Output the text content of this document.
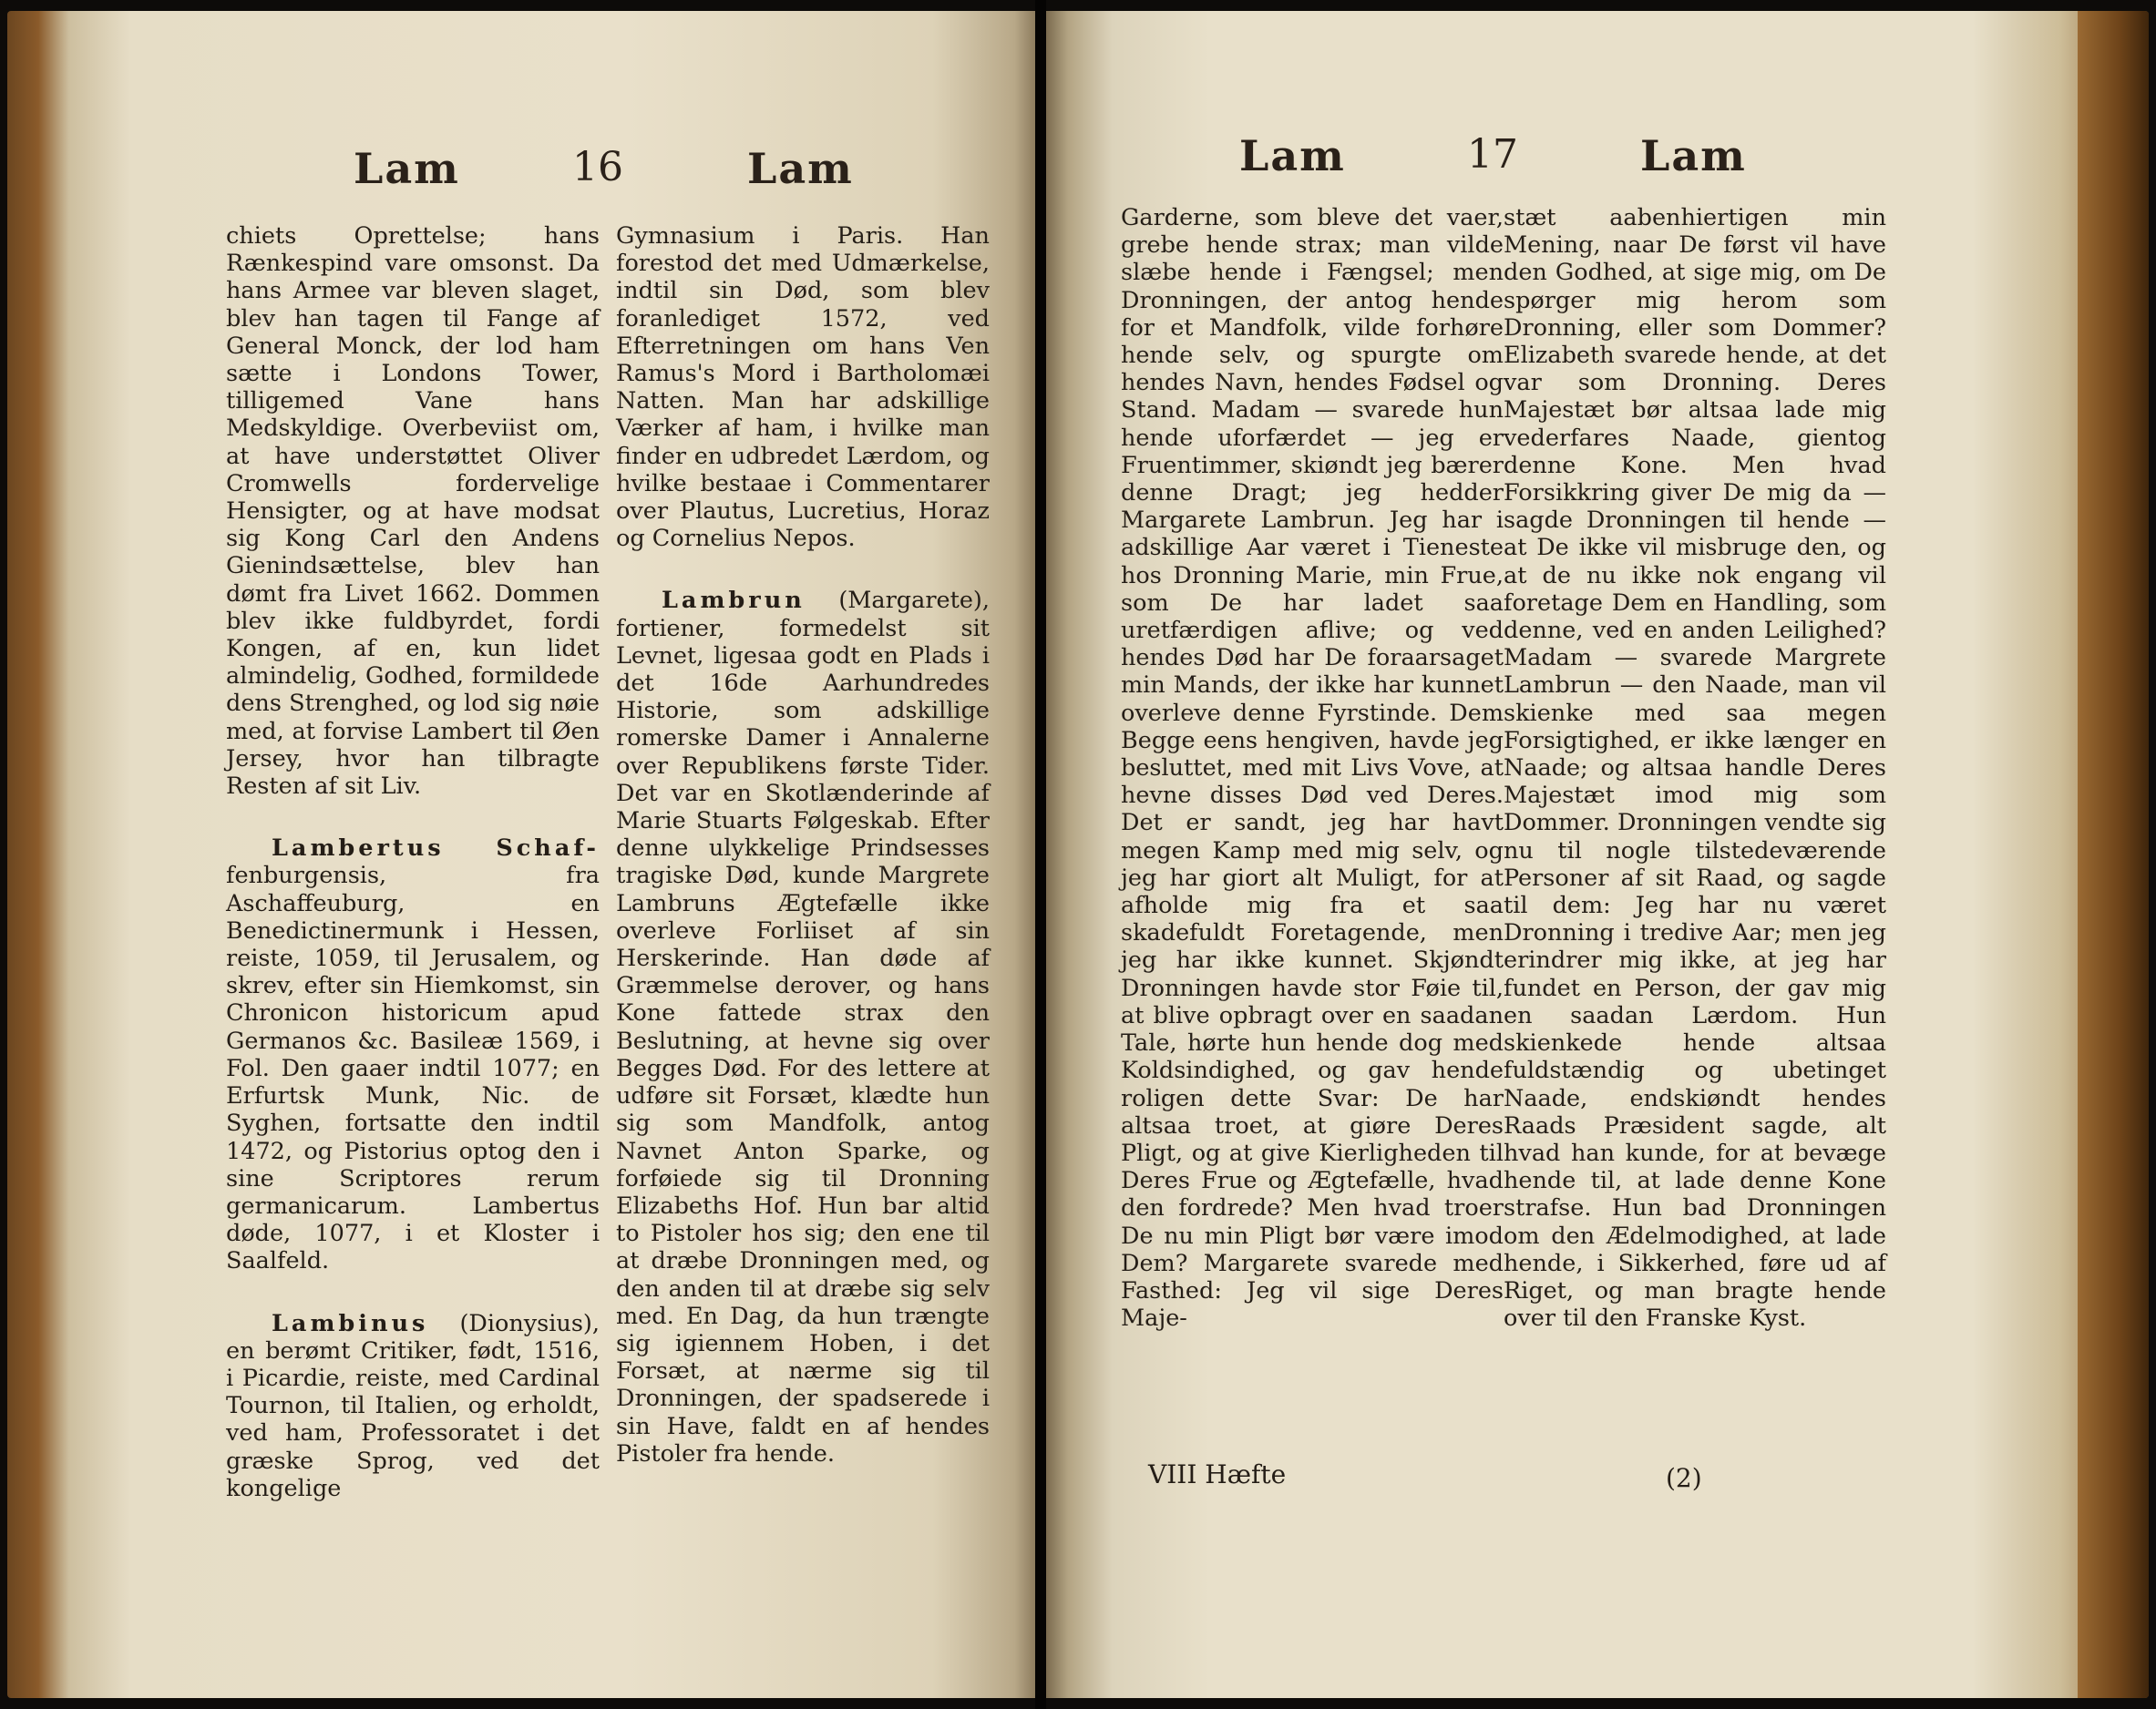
Lam	16	Lam

chiets Oprettelse; hans Rænkespind vare omsonst. Da hans Armee var bleven slaget, blev han tagen til Fange af General Monck, der lod ham sætte i Londons Tower, tilligemed Vane hans Medskyldige. Overbeviist om, at have understøttet Oliver Cromwells fordervelige Hensigter, og at have modsat sig Kong Carl den Andens Gienindsættelse, blev han dømt fra Livet 1662. Dommen blev ikke fuldbyrdet, fordi Kongen, af en, kun lidet almindelig, Godhed, formildede dens Strenghed, og lod sig nøie med, at forvise Lambert til Øen Jersey, hvor han tilbragte Resten af sit Liv.

Lambertus Schaf- fenburgensis, fra Aschaffeuburg, en Benedictinermunk i Hessen, reiste, 1059, til Jerusalem, og skrev, efter sin Hiemkomst, sin Chronicon historicum apud Germanos &c. Basileæ 1569, i Fol. Den gaaer indtil 1077; en Erfurtsk Munk, Nic. de Syghen, fortsatte den indtil 1472, og Pistorius optog den i sine Scriptores rerum germanicarum. Lambertus døde, 1077, i et Kloster i Saalfeld.

Lambinus (Dionysius), en berømt Critiker, født, 1516, i Picardie, reiste, med Cardinal Tournon, til Italien, og erholdt, ved ham, Professoratet i det græske Sprog, ved det kongelige

Gymnasium i Paris. Han forestod det med Udmærkelse, indtil sin Død, som blev foranlediget 1572, ved Efterretningen om hans Ven Ramus's Mord i Bartholomæi Natten. Man har adskillige Værker af ham, i hvilke man finder en udbredet Lærdom, og hvilke bestaae i Commentarer over Plautus, Lucretius, Horaz og Cornelius Nepos.

Lambrun (Margarete), fortiener, formedelst sit Levnet, ligesaa godt en Plads i det 16de Aarhundredes Historie, som adskillige romerske Damer i Annalerne over Republikens første Tider. Det var en Skotlænderinde af Marie Stuarts Følgeskab. Efter denne ulykkelige Prindsesses tragiske Død, kunde Margrete Lambruns Ægtefælle ikke overleve Forliiset af sin Herskerinde. Han døde af Græmmelse derover, og hans Kone fattede strax den Beslutning, at hevne sig over Begges Død. For des lettere at udføre sit Forsæt, klædte hun sig som Mandfolk, antog Navnet Anton Sparke, og forføiede sig til Dronning Elizabeths Hof. Hun bar altid to Pistoler hos sig; den ene til at dræbe Dronningen med, og den anden til at dræbe sig selv med. En Dag, da hun trængte sig igiennem Hoben, i det Forsæt, at nærme sig til Dronningen, der spadserede i sin Have, faldt en af hendes Pistoler fra hende.

Lam	17	Lam

Garderne, som bleve det vaer, grebe hende strax; man vilde slæbe hende i Fængsel; men Dronningen, der antog hende for et Mandfolk, vilde forhøre hende selv, og spurgte om hendes Navn, hendes Fødsel og Stand. Madam — svarede hun hende uforfærdet — jeg er Fruentimmer, skiøndt jeg bærer denne Dragt; jeg hedder Margarete Lambrun. Jeg har i adskillige Aar været i Tieneste hos Dronning Marie, min Frue, som De har ladet saa uretfærdigen aflive; og ved hendes Død har De foraarsaget min Mands, der ikke har kunnet overleve denne Fyrstinde. Dem Begge eens hengiven, havde jeg besluttet, med mit Livs Vove, at hevne disses Død ved Deres. Det er sandt, jeg har havt megen Kamp med mig selv, og jeg har giort alt Muligt, for at afholde mig fra et saa skadefuldt Foretagende, men jeg har ikke kunnet. Skjøndt Dronningen havde stor Føie til, at blive opbragt over en saadan Tale, hørte hun hende dog med Koldsindighed, og gav hende roligen dette Svar: De har altsaa troet, at giøre Deres Pligt, og at give Kierligheden til Deres Frue og Ægtefælle, hvad den fordrede? Men hvad troer De nu min Pligt bør være imod Dem? Margarete svarede med Fasthed: Jeg vil sige Deres Maje-

stæt aabenhiertigen min Mening, naar De først vil have den Godhed, at sige mig, om De spørger mig herom som Dronning, eller som Dommer? Elizabeth svarede hende, at det var som Dronning. Deres Majestæt bør altsaa lade mig vederfares Naade, gientog denne Kone. Men hvad Forsikkring giver De mig da — sagde Dronningen til hende — at De ikke vil misbruge den, og at de nu ikke nok engang vil foretage Dem en Handling, som denne, ved en anden Leilighed? Madam — svarede Margrete Lambrun — den Naade, man vil skienke med saa megen Forsigtighed, er ikke længer en Naade; og altsaa handle Deres Majestæt imod mig som Dommer. Dronningen vendte sig nu til nogle tilstedeværende Personer af sit Raad, og sagde til dem: Jeg har nu været Dronning i tredive Aar; men jeg erindrer mig ikke, at jeg har fundet en Person, der gav mig en saadan Lærdom. Hun skienkede hende altsaa fuldstændig og ubetinget Naade, endskiøndt hendes Raads Præsident sagde, alt hvad han kunde, for at bevæge hende til, at lade denne Kone strafse. Hun bad Dronningen om den Ædelmodighed, at lade hende, i Sikkerhed, føre ud af Riget, og man bragte hende over til den Franske Kyst.

VIII Hæfte	(2)
